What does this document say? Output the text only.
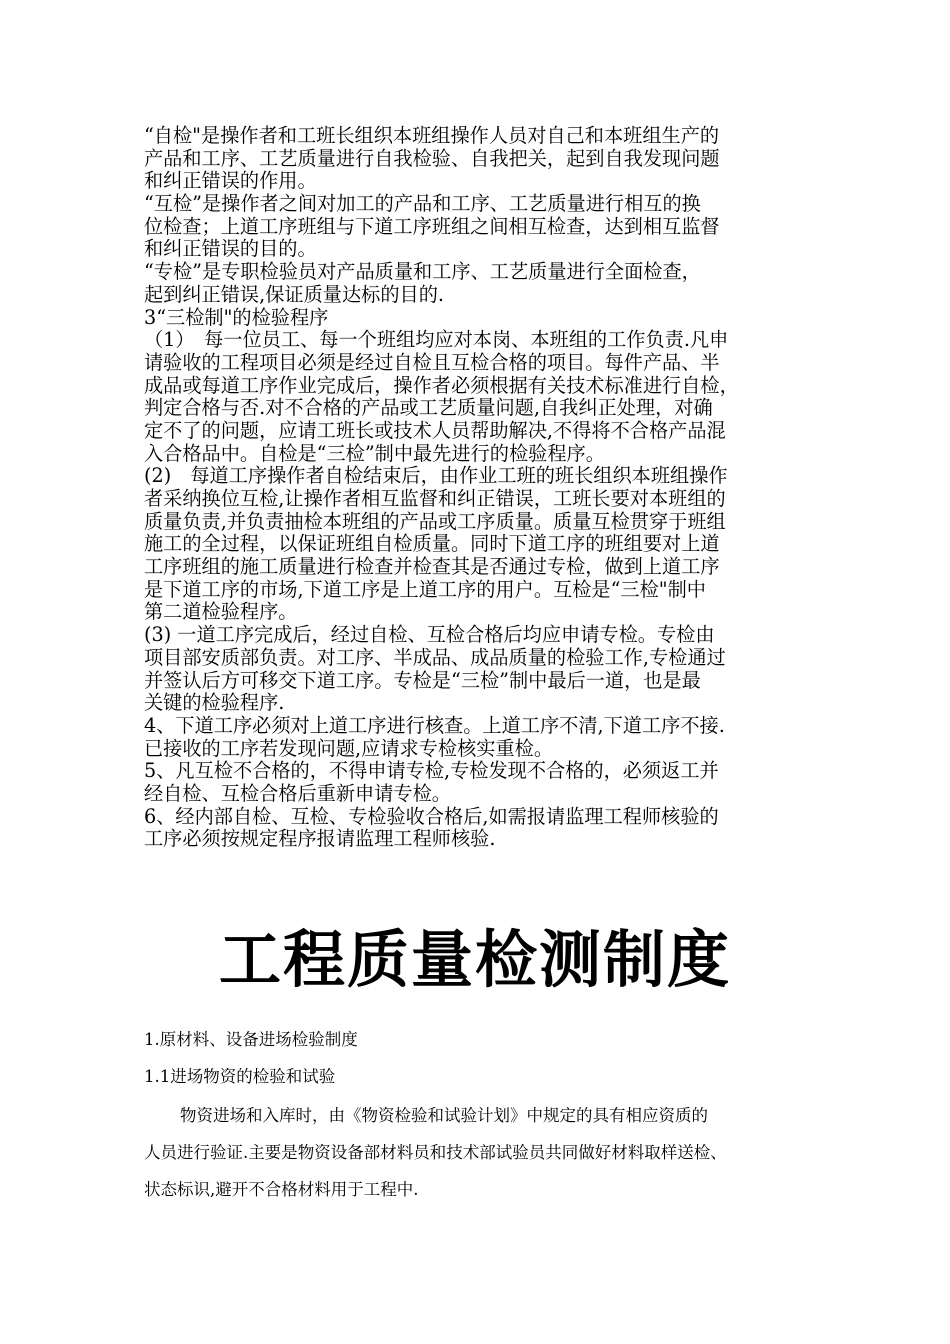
“自检"是操作者和工班长组织本班组操作人员对自己和本班组生产的
产品和工序、工艺质量进行自我检验、自我把关，起到自我发现问题
和纠正错误的作用。
“互检”是操作者之间对加工的产品和工序、工艺质量进行相互的换
位检查；上道工序班组与下道工序班组之间相互检查，达到相互监督
和纠正错误的目的。
“专检”是专职检验员对产品质量和工序、工艺质量进行全面检查，
起到纠正错误,保证质量达标的目的.
3“三检制"的检验程序
（1）　每一位员工、每一个班组均应对本岗、本班组的工作负责.凡申
请验收的工程项目必须是经过自检且互检合格的项目。每件产品、半
成品或每道工序作业完成后，操作者必须根据有关技术标准进行自检，
判定合格与否.对不合格的产品或工艺质量问题,自我纠正处理，对确
定不了的问题，应请工班长或技术人员帮助解决,不得将不合格产品混
入合格品中。自检是“三检”制中最先进行的检验程序。
(2)　每道工序操作者自检结束后，由作业工班的班长组织本班组操作
者采纳换位互检,让操作者相互监督和纠正错误，工班长要对本班组的
质量负责,并负责抽检本班组的产品或工序质量。质量互检贯穿于班组
施工的全过程，以保证班组自检质量。同时下道工序的班组要对上道
工序班组的施工质量进行检查并检查其是否通过专检，做到上道工序
是下道工序的市场,下道工序是上道工序的用户。互检是“三检"制中
第二道检验程序。
(3) 一道工序完成后，经过自检、互检合格后均应申请专检。专检由
项目部安质部负责。对工序、半成品、成品质量的检验工作,专检通过
并签认后方可移交下道工序。专检是“三检”制中最后一道，也是最
关键的检验程序.
4、下道工序必须对上道工序进行核查。上道工序不清,下道工序不接.
已接收的工序若发现问题,应请求专检核实重检。
5、凡互检不合格的，不得申请专检,专检发现不合格的，必须返工并
经自检、互检合格后重新申请专检。
6、经内部自检、互检、专检验收合格后,如需报请监理工程师核验的
工序必须按规定程序报请监理工程师核验.
工程质量检测制度
1.原材料、设备进场检验制度
1.1进场物资的检验和试验
物资进场和入库时，由《物资检验和试验计划》中规定的具有相应资质的
人员进行验证.主要是物资设备部材料员和技术部试验员共同做好材料取样送检、
状态标识,避开不合格材料用于工程中.
